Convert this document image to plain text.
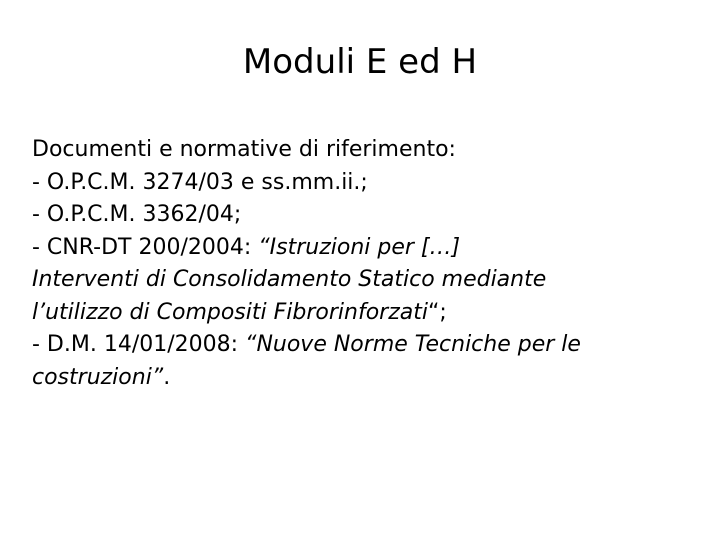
Moduli E ed H
Documenti e normative di riferimento:
- O.P.C.M. 3274/03 e ss.mm.ii.;
- O.P.C.M. 3362/04;
- CNR-DT 200/2004: “Istruzioni per […]
Interventi di Consolidamento Statico mediante
l’utilizzo di Compositi Fibrorinforzati“;
- D.M. 14/01/2008: “Nuove Norme Tecniche per le
costruzioni”.
